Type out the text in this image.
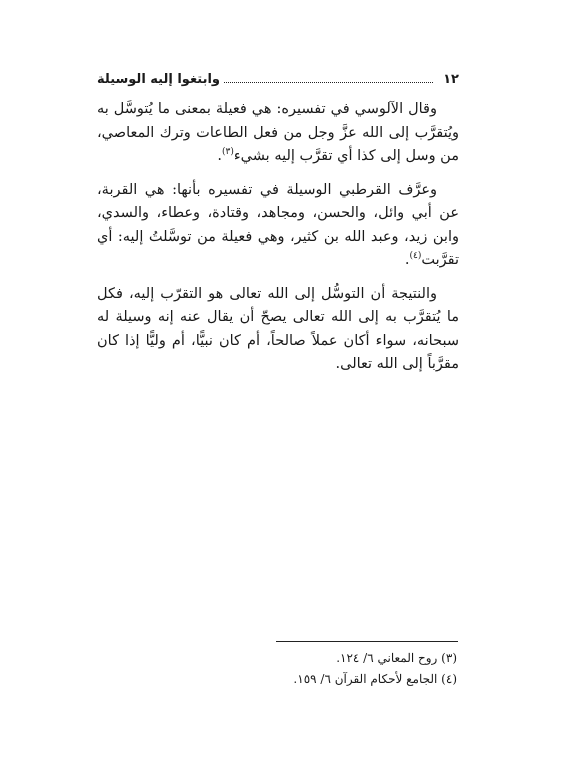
١٢
وابتغوا إليه الوسيلة

وقال الآلوسي في تفسيره: هي فعيلة بمعنى ما يُتوسَّل به ويُتقرَّب إلى الله عزَّ وجل من فعل الطاعات وترك المعاصي، من وسل إلى كذا أي تقرَّب إليه بشيء$^{(٣)}$.

وعرَّف القرطبي الوسيلة في تفسيره بأنها: هي القربة، عن أبي وائل، والحسن، ومجاهد، وقتادة، وعطاء، والسدي، وابن زيد، وعبد الله بن كثير، وهي فعيلة من توسَّلتُ إليه: أي تقرَّبت$^{(٤)}$.

والنتيجة أن التوسُّل إلى الله تعالى هو التقرّب إليه، فكل ما يُتقرَّب به إلى الله تعالى يصحّ أن يقال عنه إنه وسيلة له سبحانه، سواء أكان عملاً صالحاً، أم كان نبيًّا، أم وليًّا إذا كان مقرَّباً إلى الله تعالى.

(٣) روح المعاني ٦/ ١٢٤.
(٤) الجامع لأحكام القرآن ٦/ ١٥٩.
